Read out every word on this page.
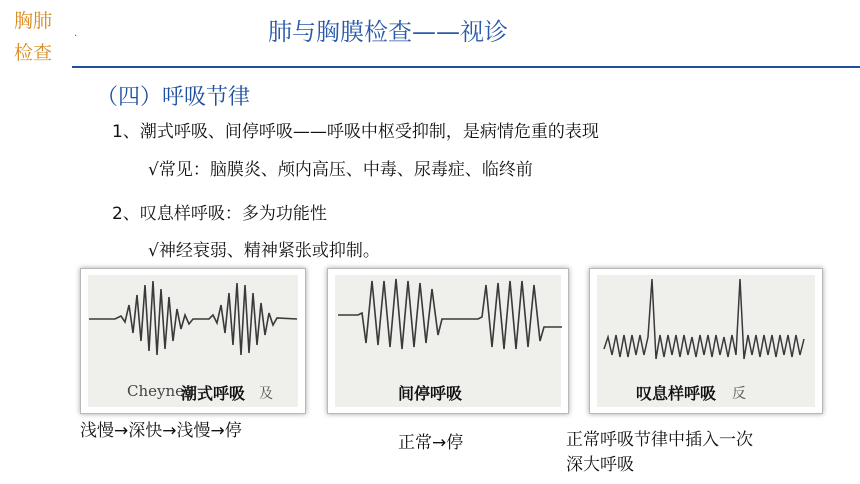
胸肺
检查
.	肺与胸膜检查——视诊
（四）呼吸节律
1、潮式呼吸、间停呼吸——呼吸中枢受抑制，是病情危重的表现
√常见：脑膜炎、颅内高压、中毒、尿毒症、临终前
2、叹息样呼吸：多为功能性
√神经衰弱、精神紧张或抑制。
Cheyne
潮式呼吸 及	间停呼吸	叹息样呼吸 反
浅慢→深快→浅慢→停
正常→停	正常呼吸节律中插入一次
深大呼吸
